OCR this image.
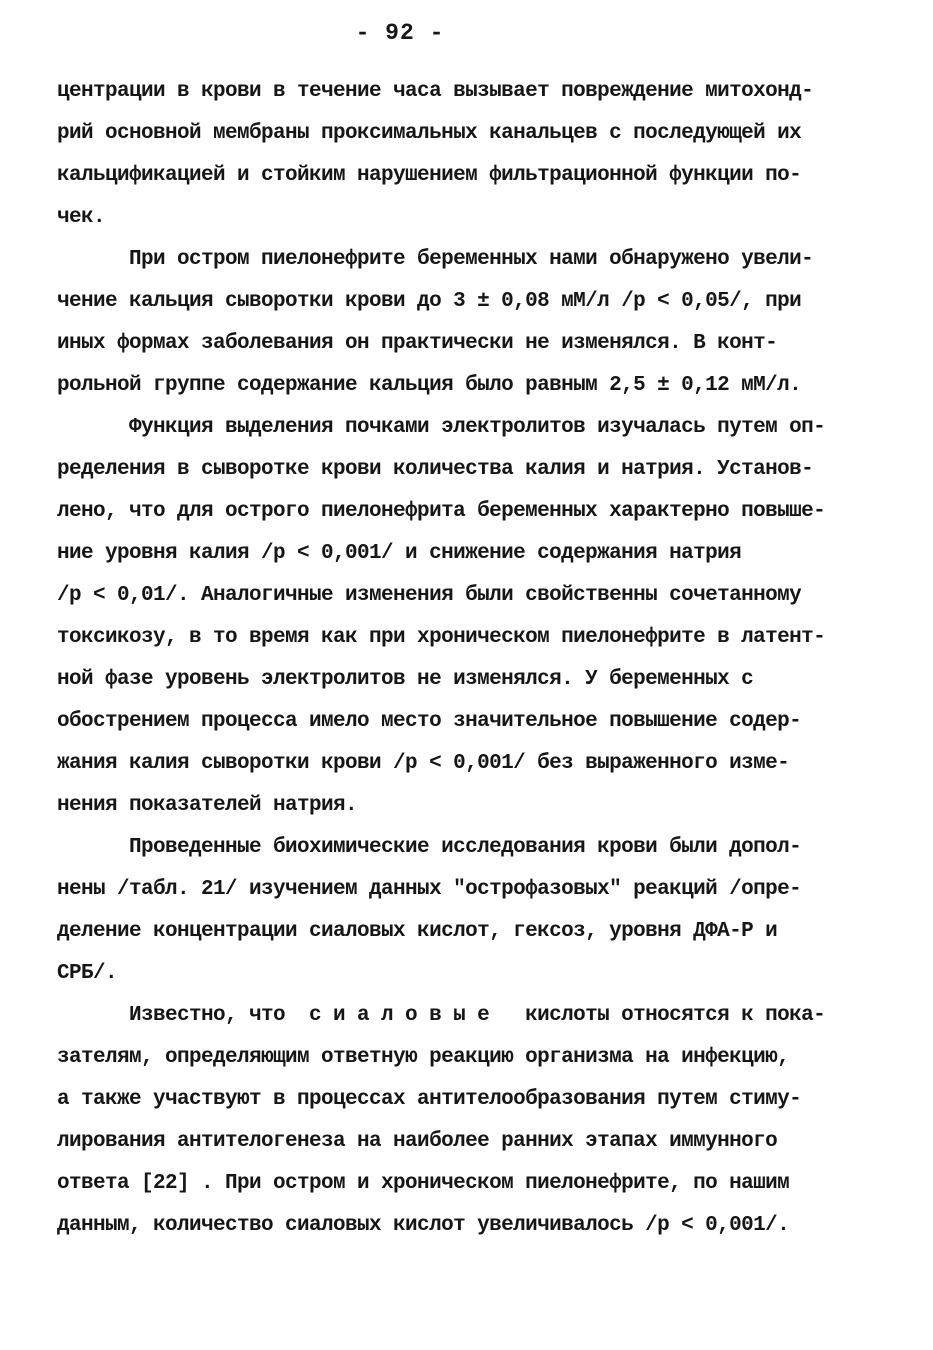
- 92 -
центрации в крови в течение часа вызывает повреждение митохонд-
рий основной мембраны проксимальных канальцев с последующей их
кальцификацией и стойким нарушением фильтрационной функции по-
чек.
При остром пиелонефрите беременных нами обнаружено увели-
чение кальция сыворотки крови до 3 ± 0,08 мМ/л /р < 0,05/, при
иных формах заболевания он практически не изменялся. В конт-
рольной группе содержание кальция было равным 2,5 ± 0,12 мМ/л.
Функция выделения почками электролитов изучалась путем оп-
ределения в сыворотке крови количества калия и натрия. Установ-
лено, что для острого пиелонефрита беременных характерно повыше-
ние уровня калия /р < 0,001/ и снижение содержания натрия
/р < 0,01/. Аналогичные изменения были свойственны сочетанному
токсикозу, в то время как при хроническом пиелонефрите в латент-
ной фазе уровень электролитов не изменялся. У беременных с
обострением процесса имело место значительное повышение содер-
жания калия сыворотки крови /р < 0,001/ без выраженного изме-
нения показателей натрия.
Проведенные биохимические исследования крови были допол-
нены /табл. 21/ изучением данных "острофазовых" реакций /опре-
деление концентрации сиаловых кислот, гексоз, уровня ДФА-Р и
СРБ/.
Известно, что  с и а л о в ы е   кислоты относятся к пока-
зателям, определяющим ответную реакцию организма на инфекцию,
а также участвуют в процессах антителообразования путем стиму-
лирования антителогенеза на наиболее ранних этапах иммунного
ответа [22] . При остром и хроническом пиелонефрите, по нашим
данным, количество сиаловых кислот увеличивалось /р < 0,001/.
